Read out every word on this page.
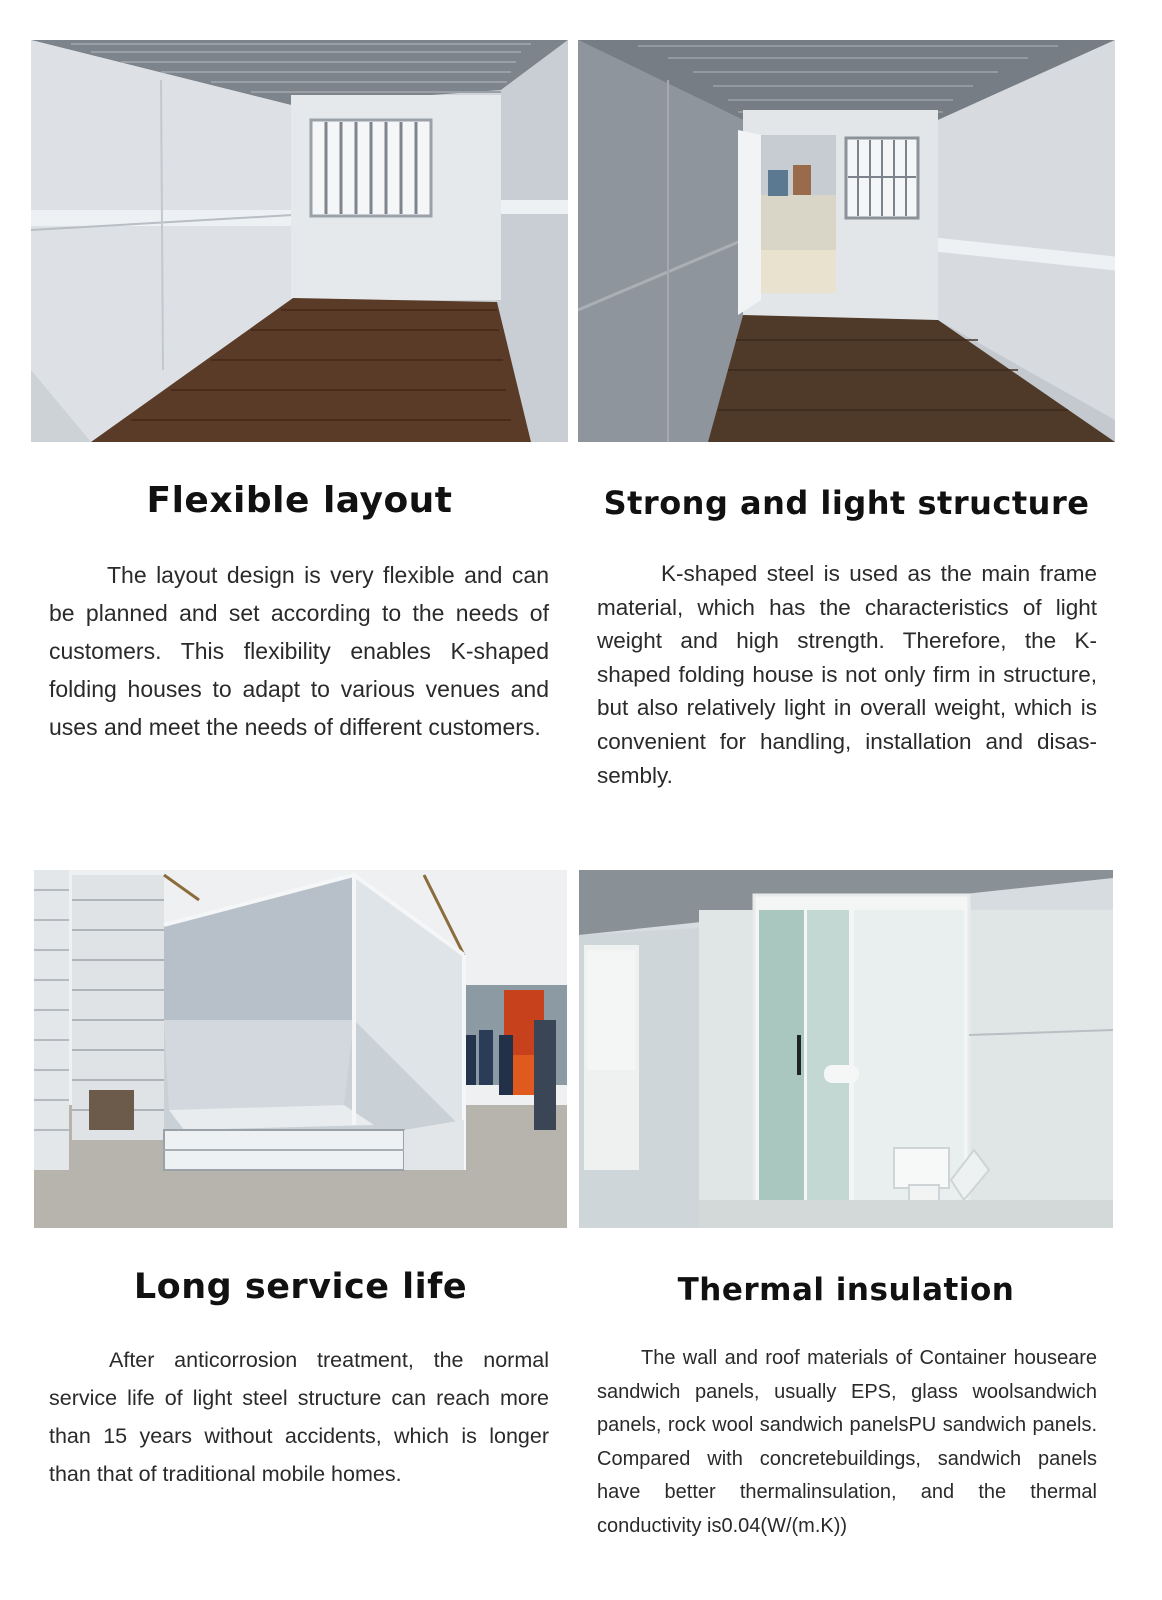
Flexible layout

The layout design is very flexible and can be planned and set according to the needs of customers. This flexibility enables K-shaped folding houses to adapt to various venues and uses and meet the needs of different customers.

Strong and light structure

K-shaped steel is used as the main frame material, which has the characteristics of light weight and high strength. Therefore, the K-shaped folding house is not only firm in structure, but also relatively light in overall weight, which is convenient for handling, installation and disassembly.

Long service life

After anticorrosion treatment, the normal service life of light steel structure can reach more than 15 years without accidents, which is longer than that of traditional mobile homes.

Thermal insulation

The wall and roof materials of Container houseare sandwich panels, usually EPS, glass woolsandwich panels, rock wool sandwich panelsPU sandwich panels. Compared with concretebuildings, sandwich panels have better thermalinsulation, and the thermal conductivity is0.04(W/(m.K))
